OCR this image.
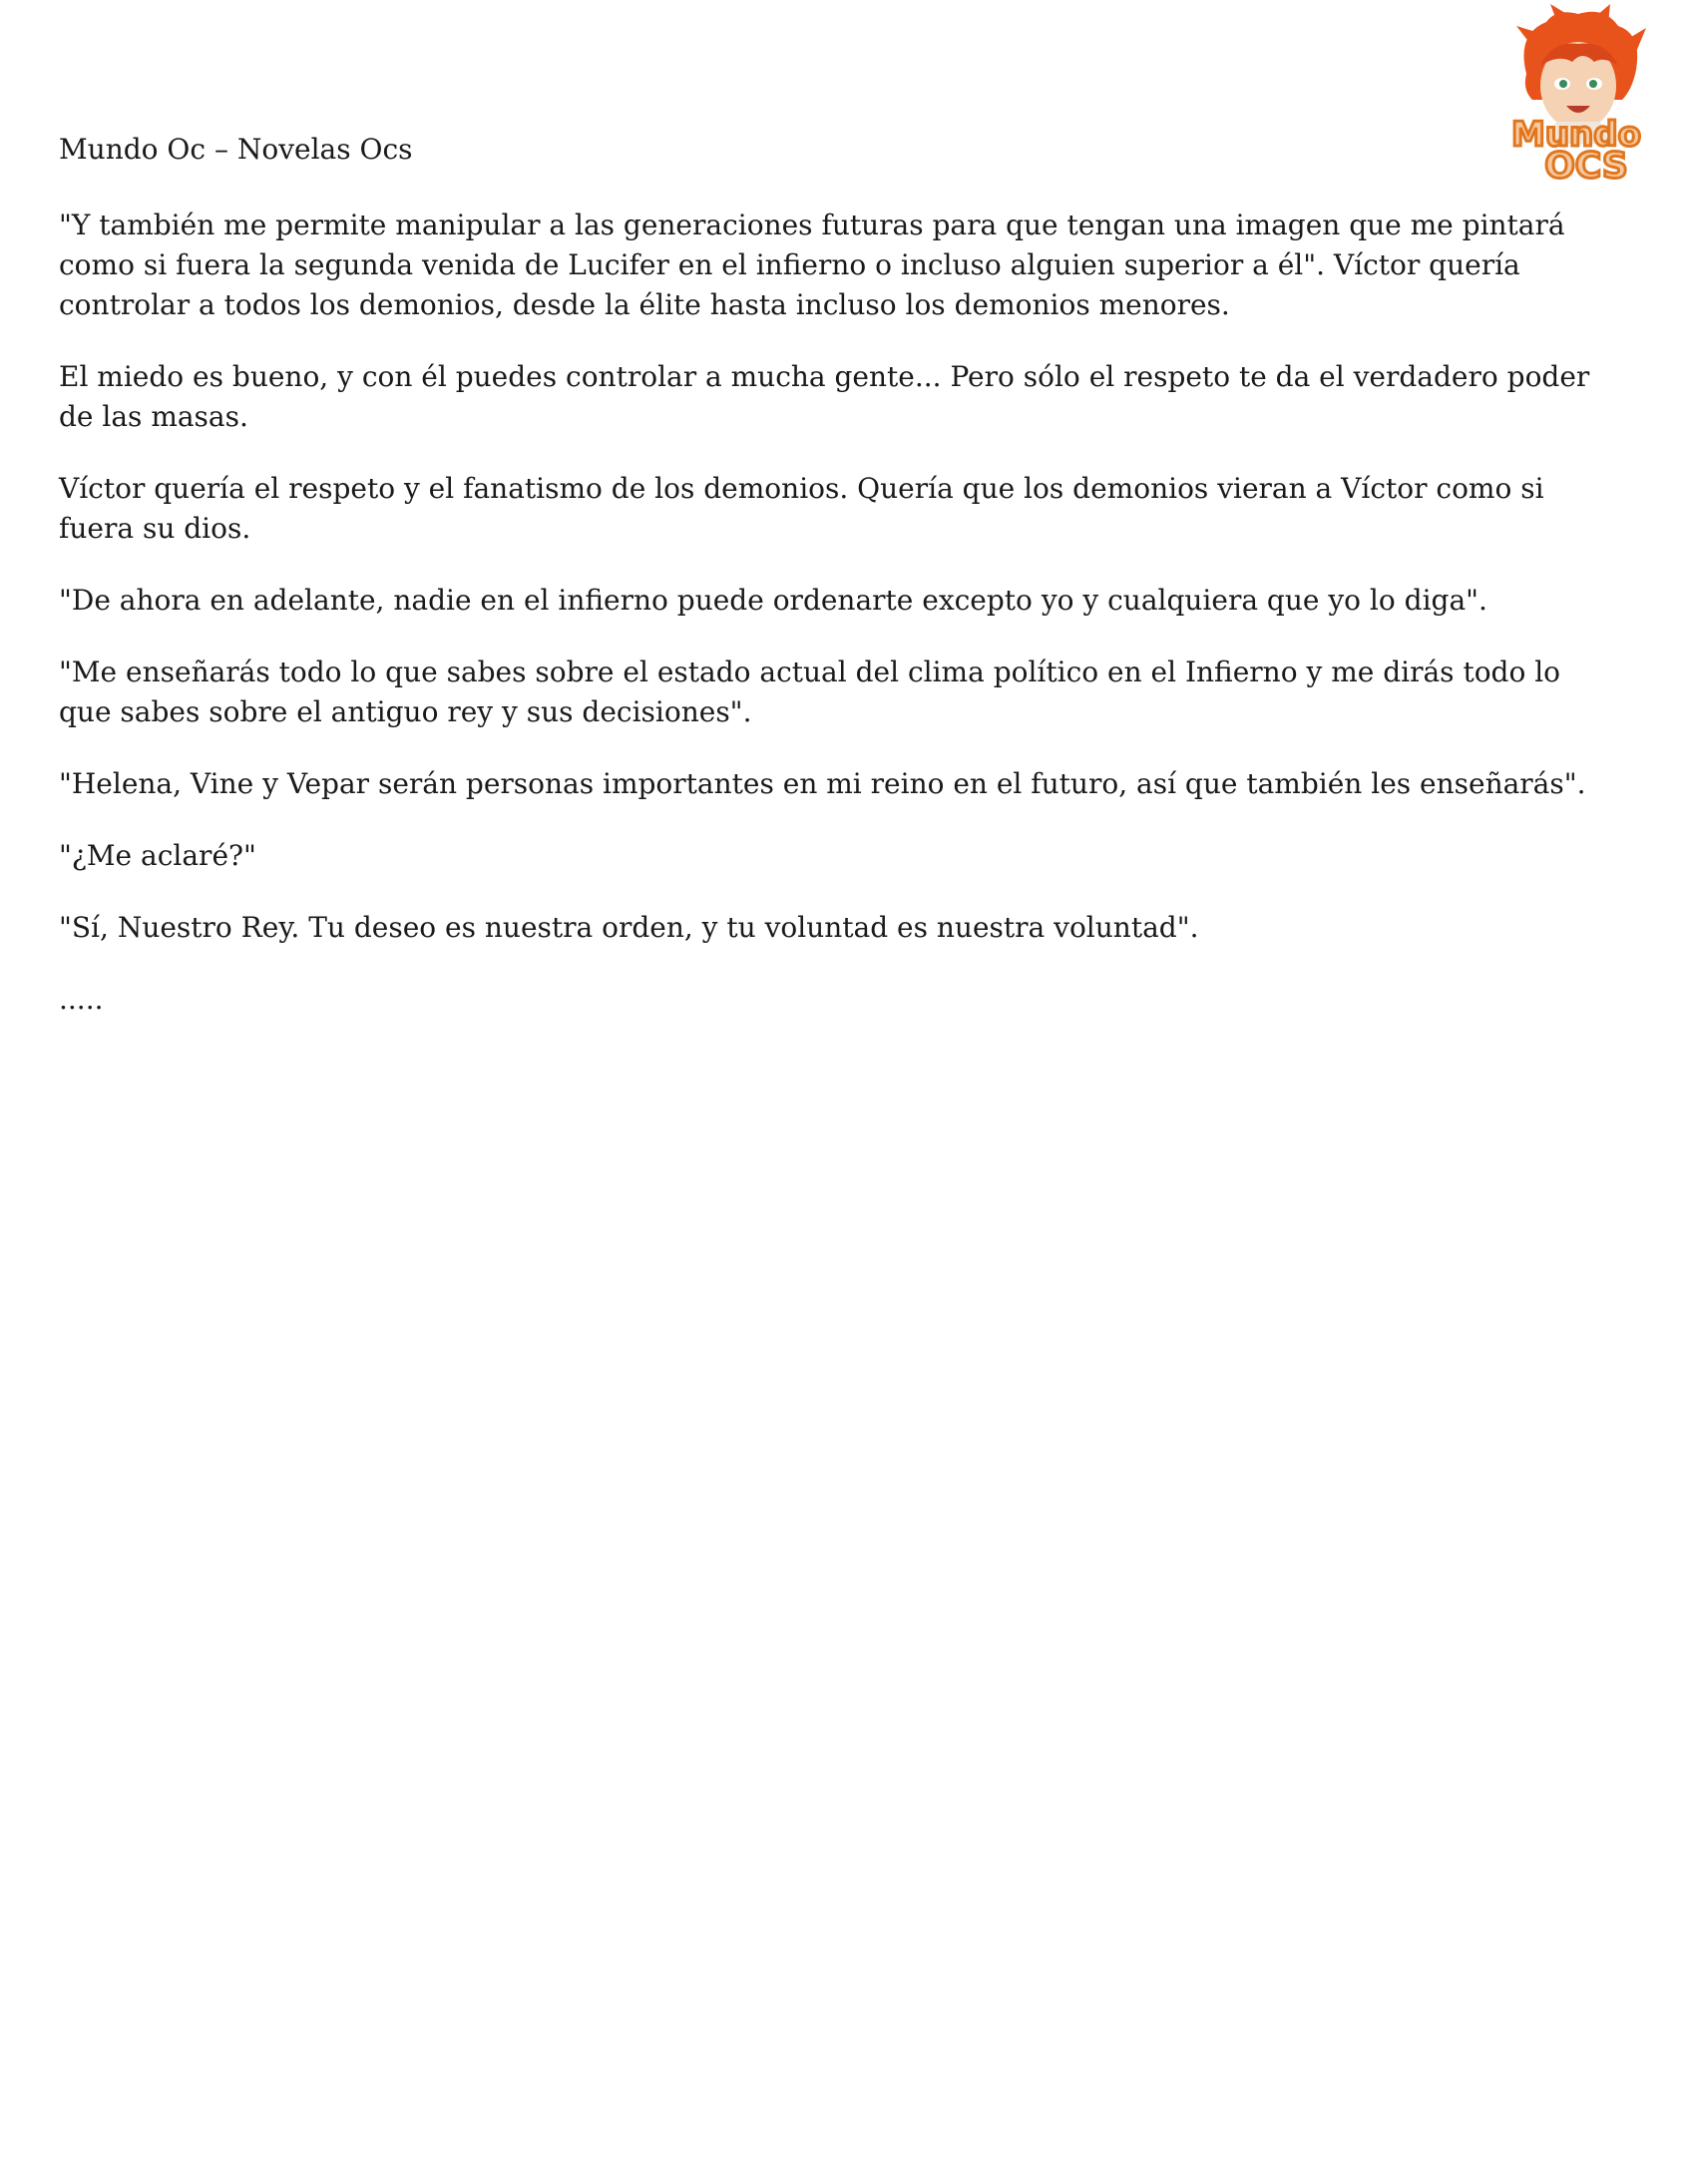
Mundo Oc – Novelas Ocs	Mundo
OCS

"Y también me permite manipular a las generaciones futuras para que tengan una imagen que me pintará como si fuera la segunda venida de Lucifer en el infierno o incluso alguien superior a él". Víctor quería controlar a todos los demonios, desde la élite hasta incluso los demonios menores.

El miedo es bueno, y con él puedes controlar a mucha gente... Pero sólo el respeto te da el verdadero poder de las masas.

Víctor quería el respeto y el fanatismo de los demonios. Quería que los demonios vieran a Víctor como si fuera su dios.

"De ahora en adelante, nadie en el infierno puede ordenarte excepto yo y cualquiera que yo lo diga".

"Me enseñarás todo lo que sabes sobre el estado actual del clima político en el Infierno y me dirás todo lo que sabes sobre el antiguo rey y sus decisiones".

"Helena, Vine y Vepar serán personas importantes en mi reino en el futuro, así que también les enseñarás".

"¿Me aclaré?"

"Sí, Nuestro Rey. Tu deseo es nuestra orden, y tu voluntad es nuestra voluntad".

.....
